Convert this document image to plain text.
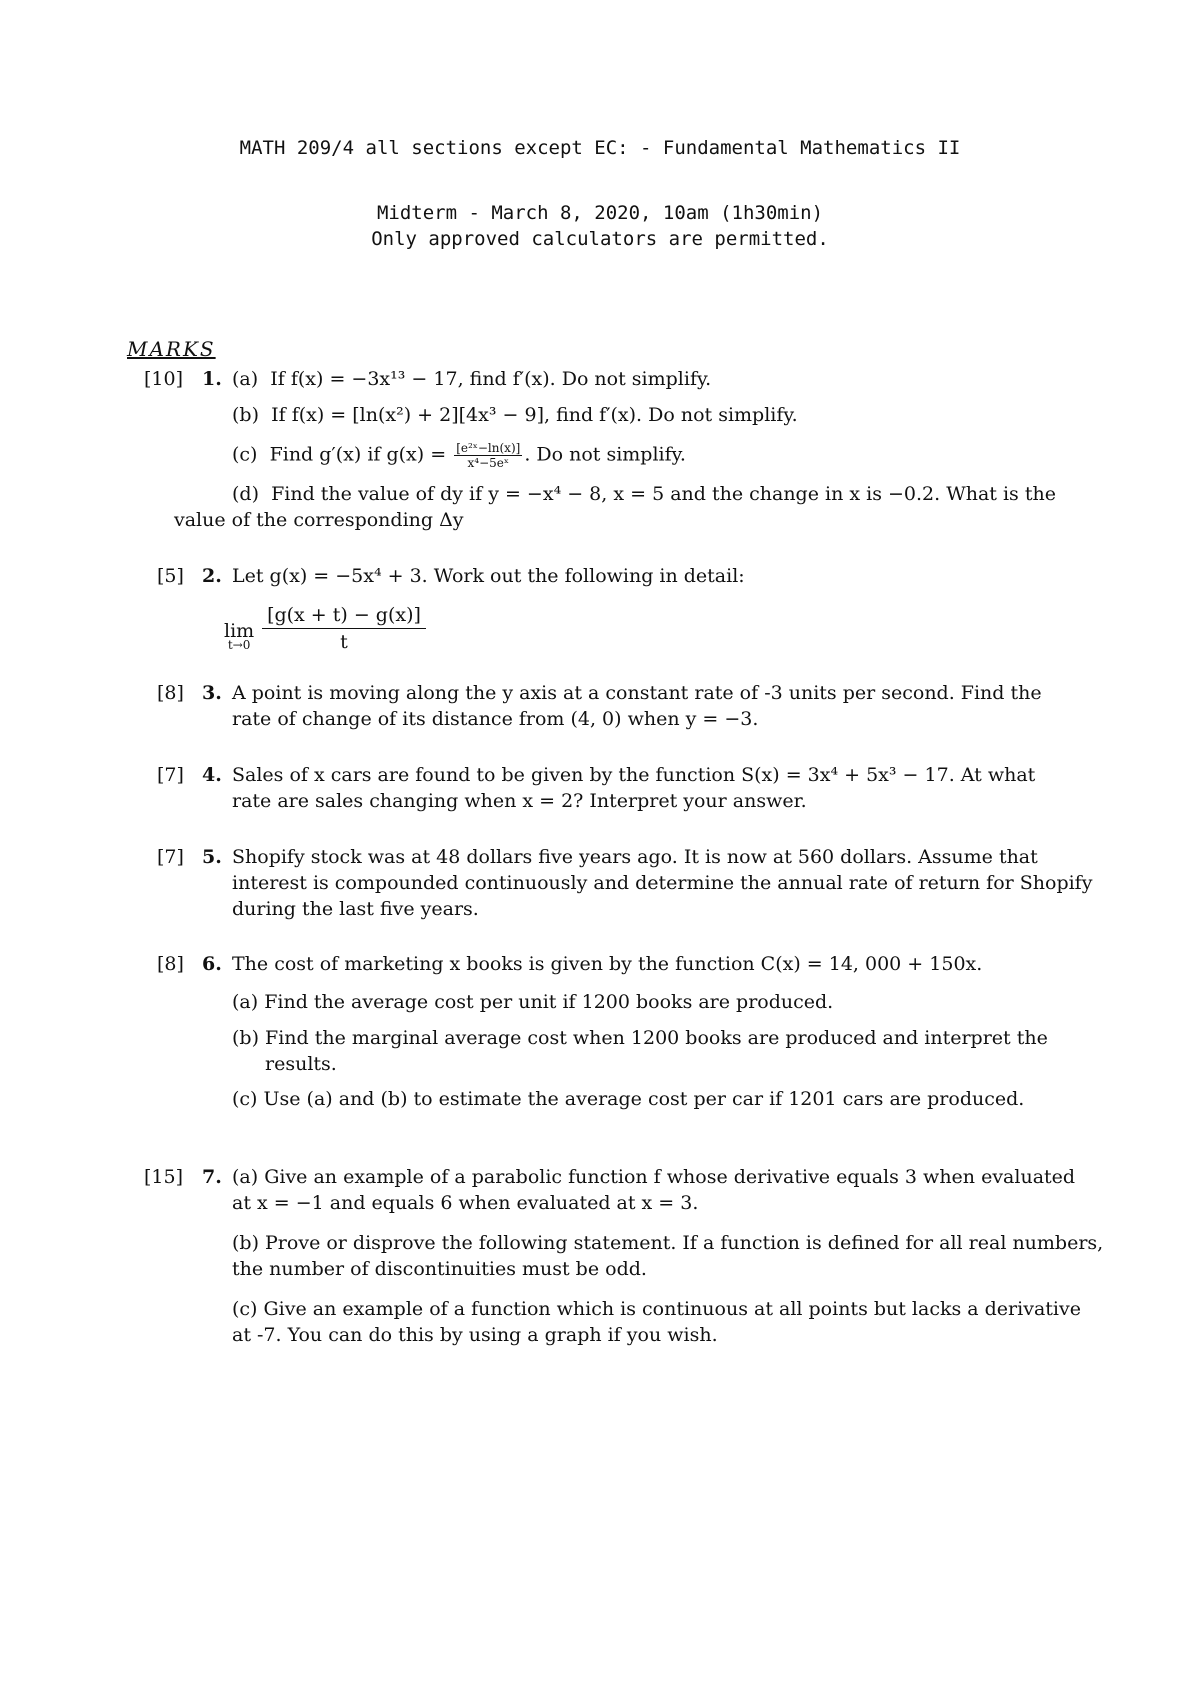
MATH 209/4 all sections except EC: - Fundamental Mathematics II
Midterm - March 8, 2020, 10am (1h30min)
Only approved calculators are permitted.
MARKS
[10] 1. (a) If f(x) = −3x¹³ − 17, find f′(x). Do not simplify.
(b) If f(x) = [ln(x²) + 2][4x³ − 9], find f′(x). Do not simplify.
(c) Find g′(x) if $g(x) = \frac{\text{[e²ˣ−ln(x)]}}{\text{x⁴−5eˣ}}$ . Do not simplify.
(d) Find the value of dy if y = −x⁴ − 8, x = 5 and the change in x is −0.2. What is the
value of the corresponding Δy
[5] 2. Let g(x) = −5x⁴ + 3. Work out the following in detail:
lim
$t\to 0 \frac{[g(x + t) - g(x)]}{t}$
[8] 3. A point is moving along the y axis at a constant rate of -3 units per second. Find the
rate of change of its distance from (4, 0) when y = −3.
[7] 4. Sales of x cars are found to be given by the function S(x) = 3x⁴ + 5x³ − 17. At what
rate are sales changing when x = 2? Interpret your answer.
[7] 5. Shopify stock was at 48 dollars five years ago. It is now at 560 dollars. Assume that
interest is compounded continuously and determine the annual rate of return for Shopify
during the last five years.
[8] 6. The cost of marketing x books is given by the function C(x) = 14, 000 + 150x.
(a) Find the average cost per unit if 1200 books are produced.
(b) Find the marginal average cost when 1200 books are produced and interpret the
results.
(c) Use (a) and (b) to estimate the average cost per car if 1201 cars are produced.
[15] 7. (a) Give an example of a parabolic function f whose derivative equals 3 when evaluated
at x = −1 and equals 6 when evaluated at x = 3.
(b) Prove or disprove the following statement. If a function is defined for all real numbers,
the number of discontinuities must be odd.
(c) Give an example of a function which is continuous at all points but lacks a derivative
at -7. You can do this by using a graph if you wish.
